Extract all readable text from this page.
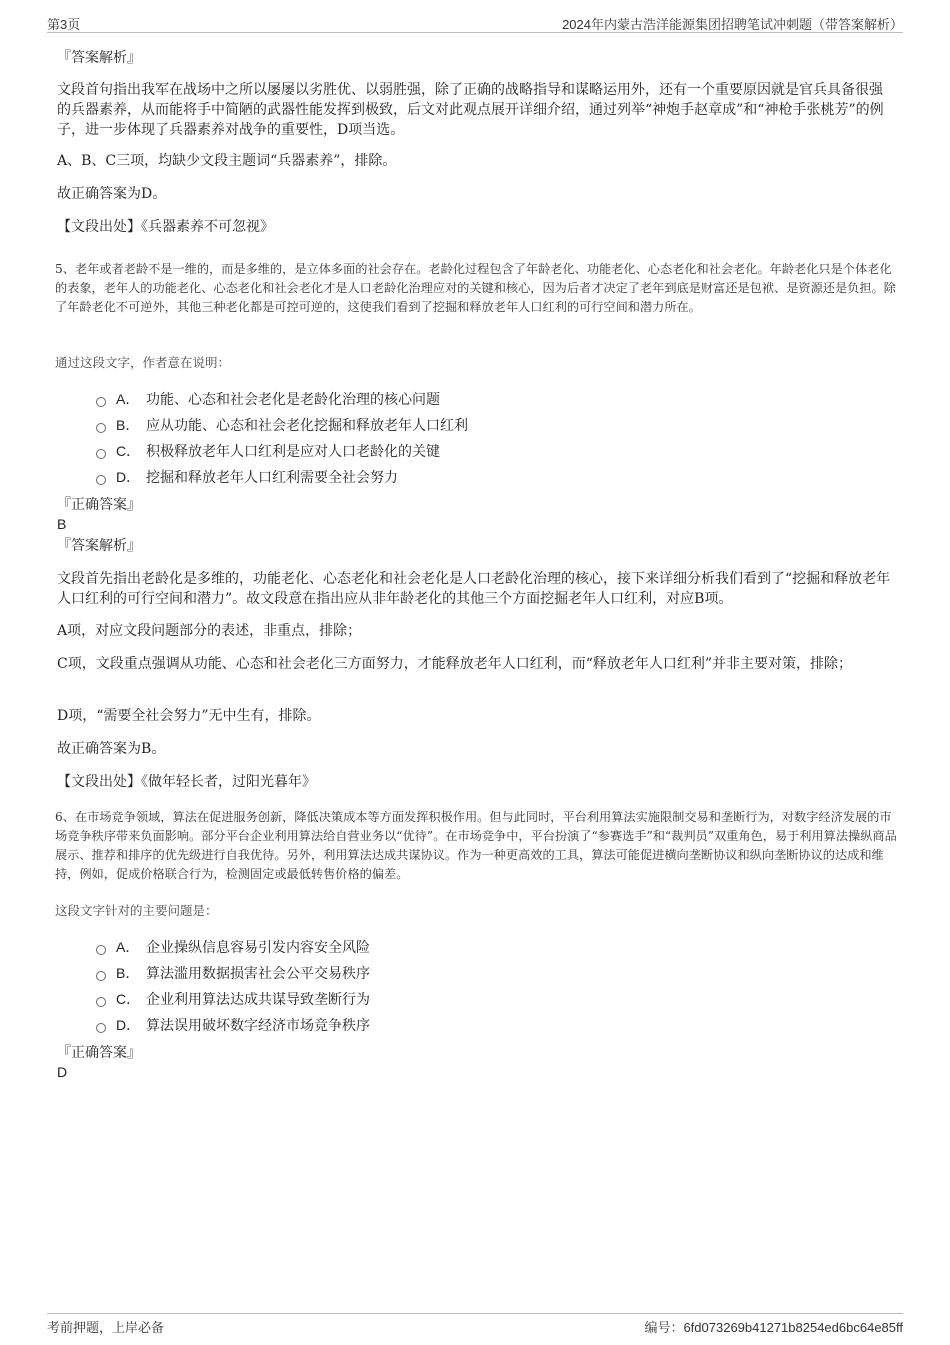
第3页	2024年内蒙古浩洋能源集团招聘笔试冲刺题（带答案解析）
『答案解析』

文段首句指出我军在战场中之所以屡屡以劣胜优、以弱胜强，除了正确的战略指导和谋略运用外，还有一个重要原因就是官兵具备很强的兵器素养，从而能将手中简陋的武器性能发挥到极致，后文对此观点展开详细介绍，通过列举“神炮手赵章成”和“神枪手张桃芳”的例子，进一步体现了兵器素养对战争的重要性，D项当选。

A、B、C三项，均缺少文段主题词“兵器素养”，排除。

故正确答案为D。

【文段出处】《兵器素养不可忽视》

5、老年或者老龄不是一维的，而是多维的，是立体多面的社会存在。老龄化过程包含了年龄老化、功能老化、心态老化和社会老化。年龄老化只是个体老化的表象，老年人的功能老化、心态老化和社会老化才是人口老龄化治理应对的关键和核心，因为后者才决定了老年到底是财富还是包袱、是资源还是负担。除了年龄老化不可逆外，其他三种老化都是可控可逆的，这使我们看到了挖掘和释放老年人口红利的可行空间和潜力所在。

通过这段文字，作者意在说明：

A． 功能、心态和社会老化是老龄化治理的核心问题
B． 应从功能、心态和社会老化挖掘和释放老年人口红利
C． 积极释放老年人口红利是应对人口老龄化的关键
D． 挖掘和释放老年人口红利需要全社会努力
『正确答案』
B
『答案解析』

文段首先指出老龄化是多维的，功能老化、心态老化和社会老化是人口老龄化治理的核心，接下来详细分析我们看到了“挖掘和释放老年人口红利的可行空间和潜力”。故文段意在指出应从非年龄老化的其他三个方面挖掘老年人口红利，对应B项。

A项，对应文段问题部分的表述，非重点，排除；

C项，文段重点强调从功能、心态和社会老化三方面努力，才能释放老年人口红利，而“释放老年人口红利”并非主要对策，排除；

D项，“需要全社会努力”无中生有，排除。

故正确答案为B。

【文段出处】《做年轻长者，过阳光暮年》

6、在市场竞争领域，算法在促进服务创新，降低决策成本等方面发挥积极作用。但与此同时，平台利用算法实施限制交易和垄断行为，对数字经济发展的市场竞争秩序带来负面影响。部分平台企业利用算法给自营业务以“优待”。在市场竞争中，平台扮演了“参赛选手”和“裁判员”双重角色，易于利用算法操纵商品展示、推荐和排序的优先级进行自我优待。另外，利用算法达成共谋协议。作为一种更高效的工具，算法可能促进横向垄断协议和纵向垄断协议的达成和维持，例如，促成价格联合行为，检测固定或最低转售价格的偏差。

这段文字针对的主要问题是：

A． 企业操纵信息容易引发内容安全风险
B． 算法滥用数据损害社会公平交易秩序
C． 企业利用算法达成共谋导致垄断行为
D． 算法误用破坏数字经济市场竞争秩序
『正确答案』
D
考前押题，上岸必备	编号：6fd073269b41271b8254ed6bc64e85ff
